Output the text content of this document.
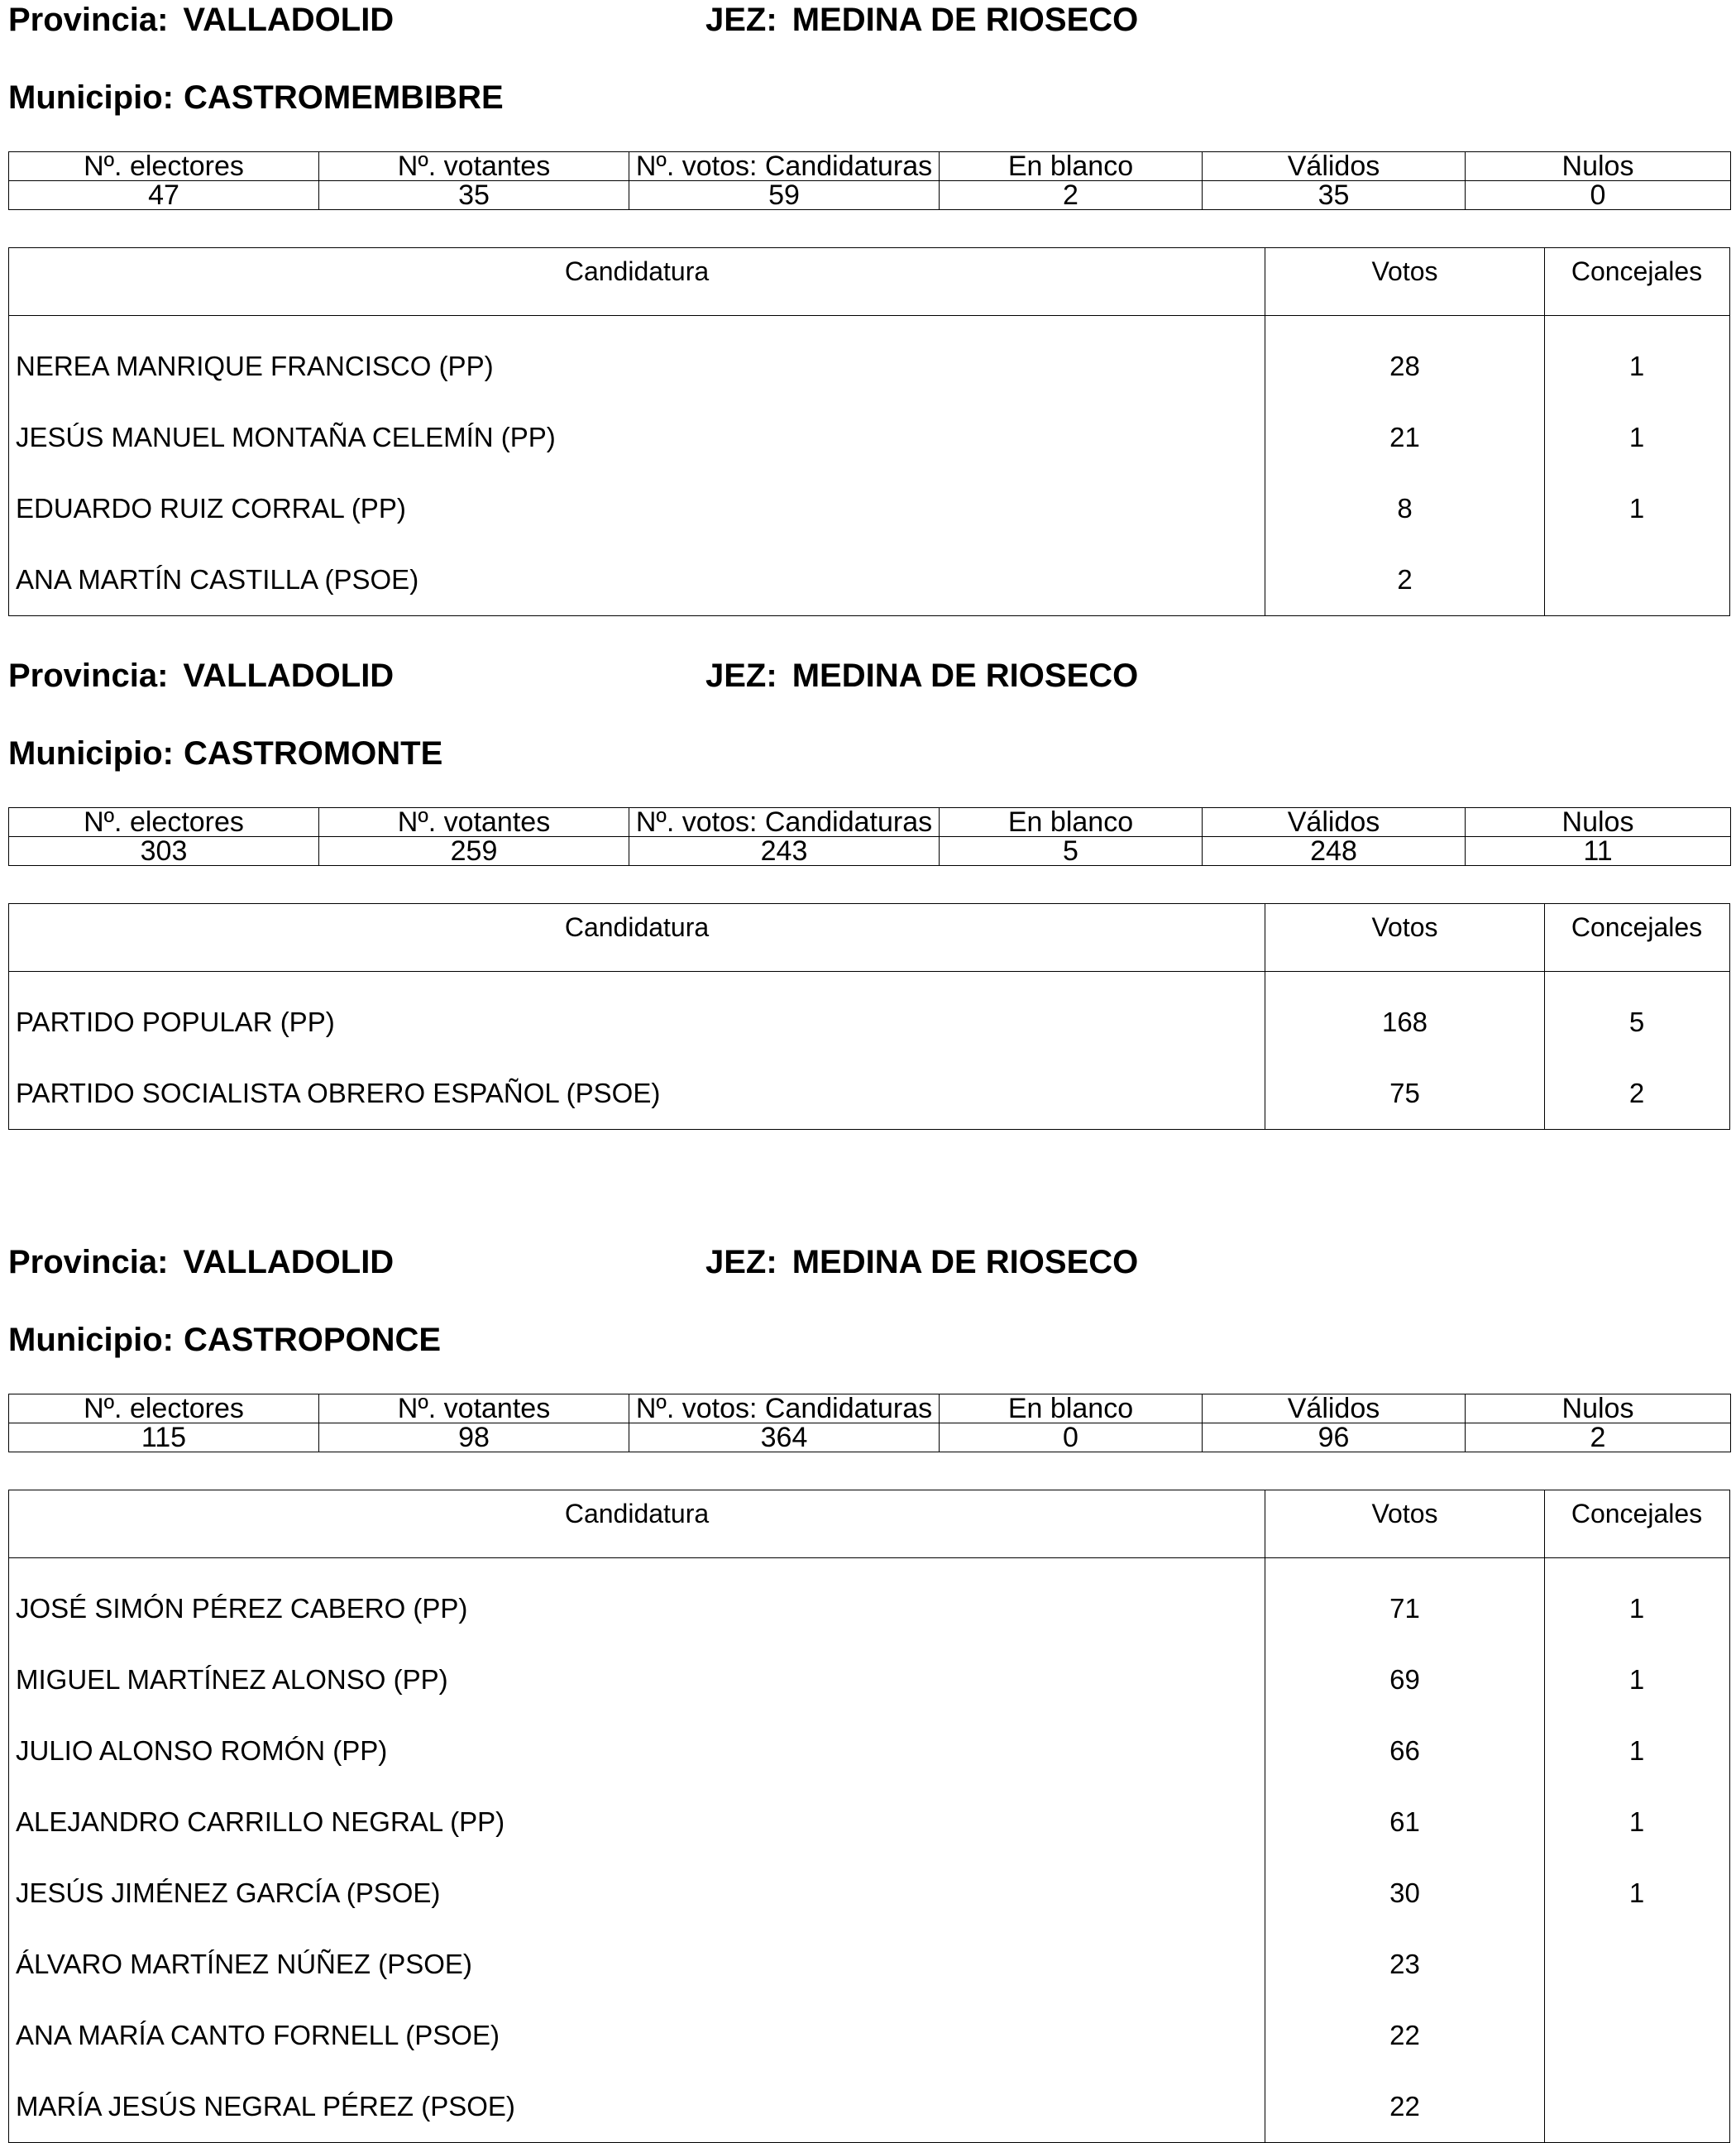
Provincia: VALLADOLID	JEZ: MEDINA DE RIOSECO
Municipio: CASTROMEMBIBRE
Nº. electores	Nº. votantes	Nº. votos: Candidaturas	En blanco	Válidos	Nulos
47	35	59	2	35	0
Candidatura	Votos	Concejales
NEREA MANRIQUE FRANCISCO (PP)	28	1
JESÚS MANUEL MONTAÑA CELEMÍN (PP)	21	1
EDUARDO RUIZ CORRAL (PP)	8	1
ANA MARTÍN CASTILLA (PSOE)	2
Provincia: VALLADOLID	JEZ: MEDINA DE RIOSECO
Municipio: CASTROMONTE
Nº. electores	Nº. votantes	Nº. votos: Candidaturas	En blanco	Válidos	Nulos
303	259	243	5	248	11
Candidatura	Votos	Concejales
PARTIDO POPULAR (PP)	168	5
PARTIDO SOCIALISTA OBRERO ESPAÑOL (PSOE)	75	2
Provincia: VALLADOLID	JEZ: MEDINA DE RIOSECO
Municipio: CASTROPONCE
Nº. electores	Nº. votantes	Nº. votos: Candidaturas	En blanco	Válidos	Nulos
115	98	364	0	96	2
Candidatura	Votos	Concejales
JOSÉ SIMÓN PÉREZ CABERO (PP)	71	1
MIGUEL MARTÍNEZ ALONSO (PP)	69	1
JULIO ALONSO ROMÓN (PP)	66	1
ALEJANDRO CARRILLO NEGRAL (PP)	61	1
JESÚS JIMÉNEZ GARCÍA (PSOE)	30	1
ÁLVARO MARTÍNEZ NÚÑEZ (PSOE)	23
ANA MARÍA CANTO FORNELL (PSOE)	22
MARÍA JESÚS NEGRAL PÉREZ (PSOE)	22
